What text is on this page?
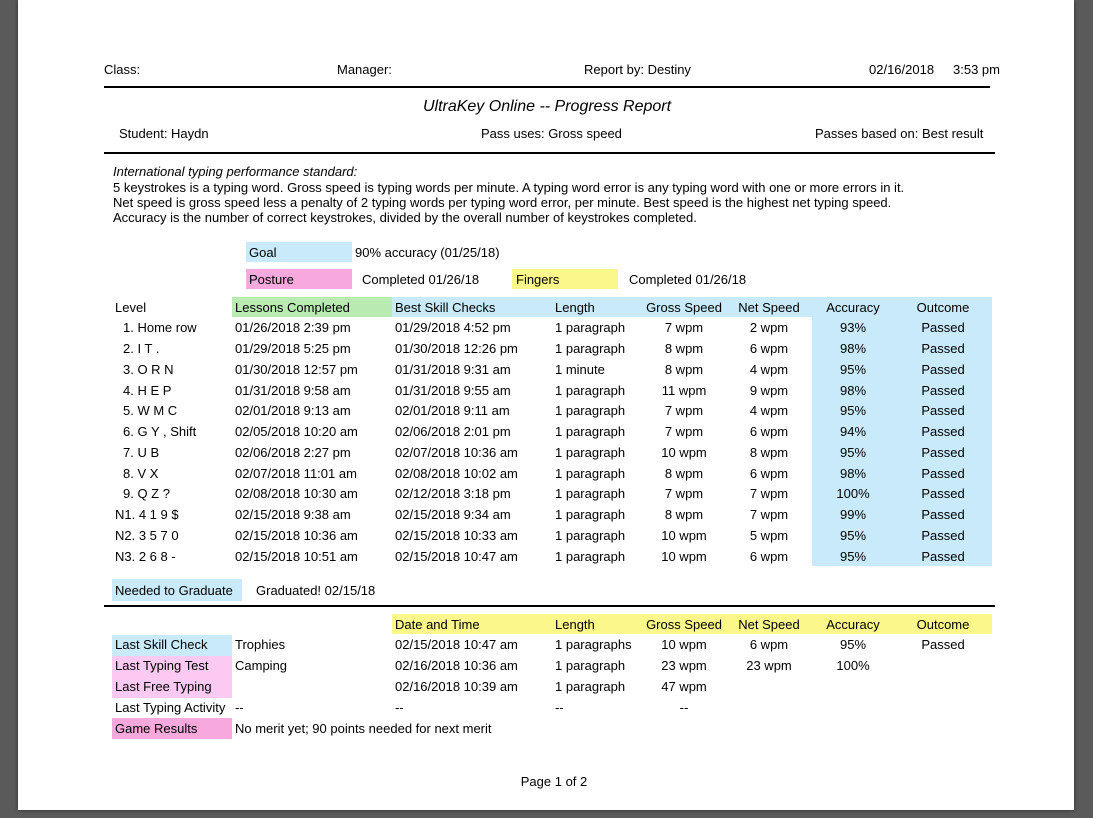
Class:	Manager:	Report by: Destiny	02/16/2018 3:53 pm
UltraKey Online -- Progress Report
Student: Haydn	Pass uses: Gross speed	Passes based on: Best result
International typing performance standard:
5 keystrokes is a typing word. Gross speed is typing words per minute. A typing word error is any typing word with one or more errors in it.
Net speed is gross speed less a penalty of 2 typing words per typing word error, per minute. Best speed is the highest net typing speed.
Accuracy is the number of correct keystrokes, divided by the overall number of keystrokes completed.
Goal	90% accuracy (01/25/18)
Posture	Completed 01/26/18	Fingers	Completed 01/26/18
Level	Lessons Completed	Best Skill Checks	Length	Gross Speed	Net Speed	Accuracy	Outcome
1. Home row	01/26/2018 2:39 pm	01/29/2018 4:52 pm	1 paragraph	7 wpm	2 wpm	93%	Passed
2. I T .	01/29/2018 5:25 pm	01/30/2018 12:26 pm	1 paragraph	8 wpm	6 wpm	98%	Passed
3. O R N	01/30/2018 12:57 pm	01/31/2018 9:31 am	1 minute	8 wpm	4 wpm	95%	Passed
4. H E P	01/31/2018 9:58 am	01/31/2018 9:55 am	1 paragraph	11 wpm	9 wpm	98%	Passed
5. W M C	02/01/2018 9:13 am	02/01/2018 9:11 am	1 paragraph	7 wpm	4 wpm	95%	Passed
6. G Y , Shift	02/05/2018 10:20 am	02/06/2018 2:01 pm	1 paragraph	7 wpm	6 wpm	94%	Passed
7. U B	02/06/2018 2:27 pm	02/07/2018 10:36 am	1 paragraph	10 wpm	8 wpm	95%	Passed
8. V X	02/07/2018 11:01 am	02/08/2018 10:02 am	1 paragraph	8 wpm	6 wpm	98%	Passed
9. Q Z ?	02/08/2018 10:30 am	02/12/2018 3:18 pm	1 paragraph	7 wpm	7 wpm	100%	Passed
N1. 4 1 9 $	02/15/2018 9:38 am	02/15/2018 9:34 am	1 paragraph	8 wpm	7 wpm	99%	Passed
N2. 3 5 7 0	02/15/2018 10:36 am	02/15/2018 10:33 am	1 paragraph	10 wpm	5 wpm	95%	Passed
N3. 2 6 8 -	02/15/2018 10:51 am	02/15/2018 10:47 am	1 paragraph	10 wpm	6 wpm	95%	Passed
Needed to Graduate Graduated! 02/15/18
Date and Time	Length	Gross Speed	Net Speed	Accuracy	Outcome
Last Skill Check Trophies	02/15/2018 10:47 am	1 paragraphs	10 wpm	6 wpm	95%	Passed
Last Typing Test Camping	02/16/2018 10:36 am	1 paragraph	23 wpm	23 wpm	100%
Last Free Typing	02/16/2018 10:39 am	1 paragraph	47 wpm
Last Typing Activity --	--	--	--
Game Results	No merit yet; 90 points needed for next merit
Page 1 of 2
